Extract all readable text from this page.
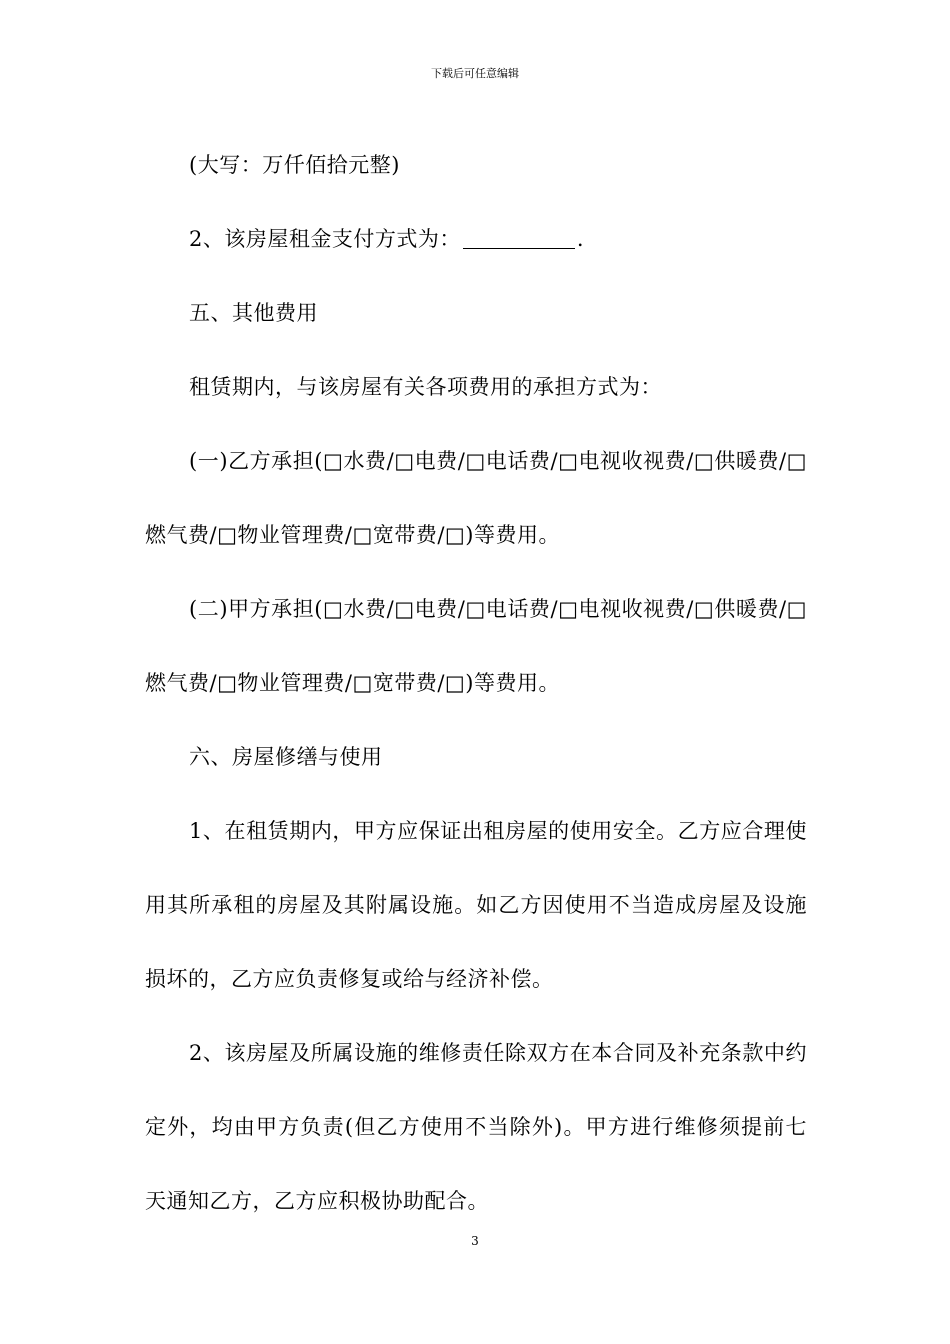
下载后可任意编辑

(大写：万仟佰拾元整)

2、该房屋租金支付方式为：	.

五、其他费用

租赁期内，与该房屋有关各项费用的承担方式为：

(一)乙方承担(□水费/□电费/□电话费/□电视收视费/□供暖费/□燃气费/□物业管理费/□宽带费/□)等费用。

(二)甲方承担(□水费/□电费/□电话费/□电视收视费/□供暖费/□燃气费/□物业管理费/□宽带费/□)等费用。

六、房屋修缮与使用

1、在租赁期内，甲方应保证出租房屋的使用安全。乙方应合理使用其所承租的房屋及其附属设施。如乙方因使用不当造成房屋及设施损坏的，乙方应负责修复或给与经济补偿。

2、该房屋及所属设施的维修责任除双方在本合同及补充条款中约定外，均由甲方负责(但乙方使用不当除外)。甲方进行维修须提前七天通知乙方，乙方应积极协助配合。

3
